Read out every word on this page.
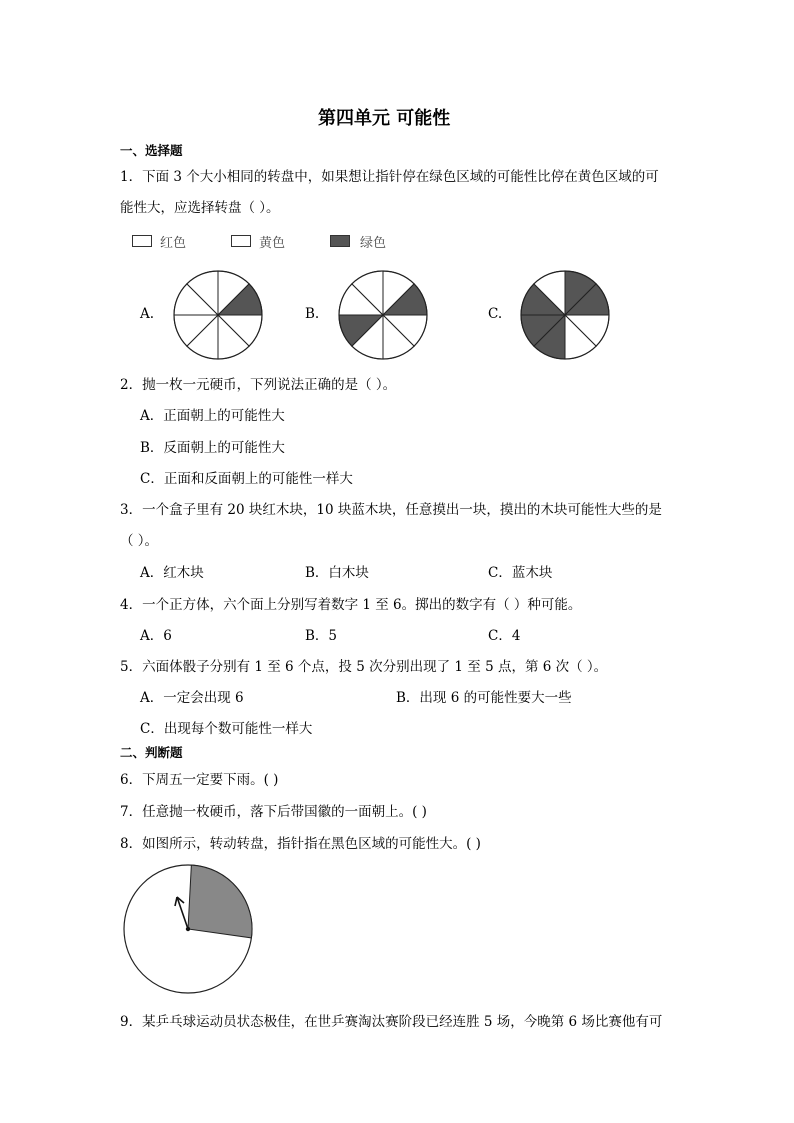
第四单元 可能性
一、选择题
1．下面 3 个大小相同的转盘中，如果想让指针停在绿色区域的可能性比停在黄色区域的可
能性大，应选择转盘（ ）。
红色	黄色	绿色
A.	B.	C.
2．抛一枚一元硬币，下列说法正确的是（ ）。
A．正面朝上的可能性大
B．反面朝上的可能性大
C．正面和反面朝上的可能性一样大
3．一个盒子里有 20 块红木块，10 块蓝木块，任意摸出一块，摸出的木块可能性大些的是
（ ）。
A．红木块	B．白木块	C．蓝木块
4．一个正方体，六个面上分别写着数字 1 至 6。掷出的数字有（ ）种可能。
A．6	B．5	C．4
5．六面体骰子分别有 1 至 6 个点，投 5 次分别出现了 1 至 5 点，第 6 次（ ）。
A．一定会出现 6	B．出现 6 的可能性要大一些
C．出现每个数可能性一样大
二、判断题
6．下周五一定要下雨。( )
7．任意抛一枚硬币，落下后带国徽的一面朝上。( )
8．如图所示，转动转盘，指针指在黑色区域的可能性大。( )
9．某乒乓球运动员状态极佳，在世乒赛淘汰赛阶段已经连胜 5 场，今晚第 6 场比赛他有可
